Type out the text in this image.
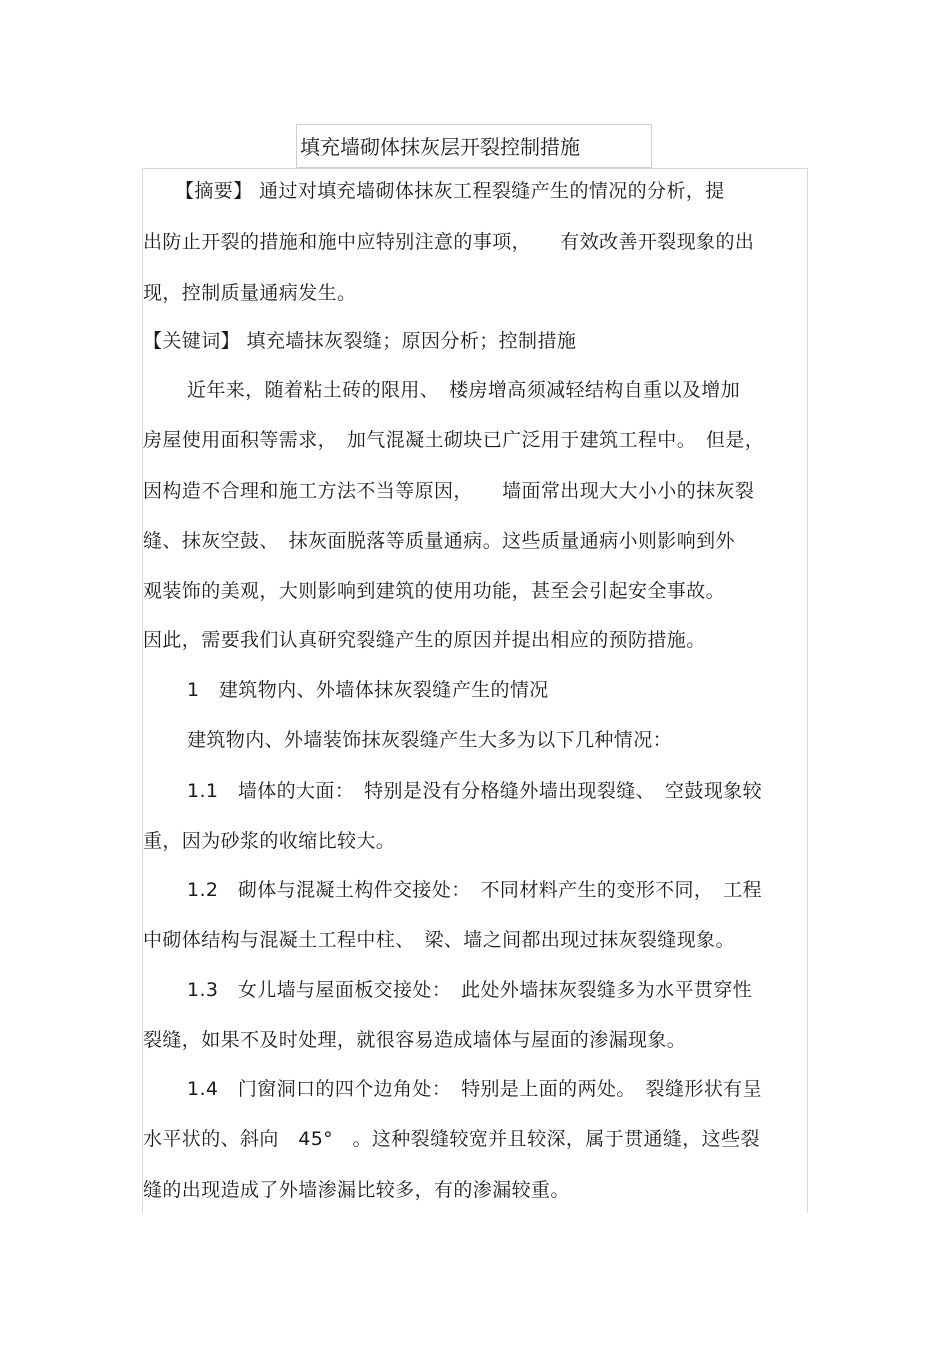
填充墙砌体抹灰层开裂控制措施
【摘要】 通过对填充墙砌体抹灰工程裂缝产生的情况的分析，提
出防止开裂的措施和施中应特别注意的事项，　　有效改善开裂现象的出
现，控制质量通病发生。
【关键词】 填充墙抹灰裂缝；原因分析；控制措施
近年来，随着粘土砖的限用、　楼房增高须减轻结构自重以及增加
房屋使用面积等需求，　加气混凝土砌块已广泛用于建筑工程中。　但是，
因构造不合理和施工方法不当等原因，　　墙面常出现大大小小的抹灰裂
缝、抹灰空鼓、　抹灰面脱落等质量通病。这些质量通病小则影响到外
观装饰的美观，大则影响到建筑的使用功能，甚至会引起安全事故。
因此，需要我们认真研究裂缝产生的原因并提出相应的预防措施。
1　建筑物内、外墙体抹灰裂缝产生的情况
建筑物内、外墙装饰抹灰裂缝产生大多为以下几种情况：
1.1　墙体的大面：　特别是没有分格缝外墙出现裂缝、　空鼓现象较
重，因为砂浆的收缩比较大。
1.2　砌体与混凝土构件交接处：　不同材料产生的变形不同，　工程
中砌体结构与混凝土工程中柱、　梁、墙之间都出现过抹灰裂缝现象。
1.3　女儿墙与屋面板交接处：　此处外墙抹灰裂缝多为水平贯穿性
裂缝，如果不及时处理，就很容易造成墙体与屋面的渗漏现象。
1.4　门窗洞口的四个边角处：　特别是上面的两处。　裂缝形状有呈
水平状的、斜向　45°　。这种裂缝较宽并且较深，属于贯通缝，这些裂
缝的出现造成了外墙渗漏比较多，有的渗漏较重。
